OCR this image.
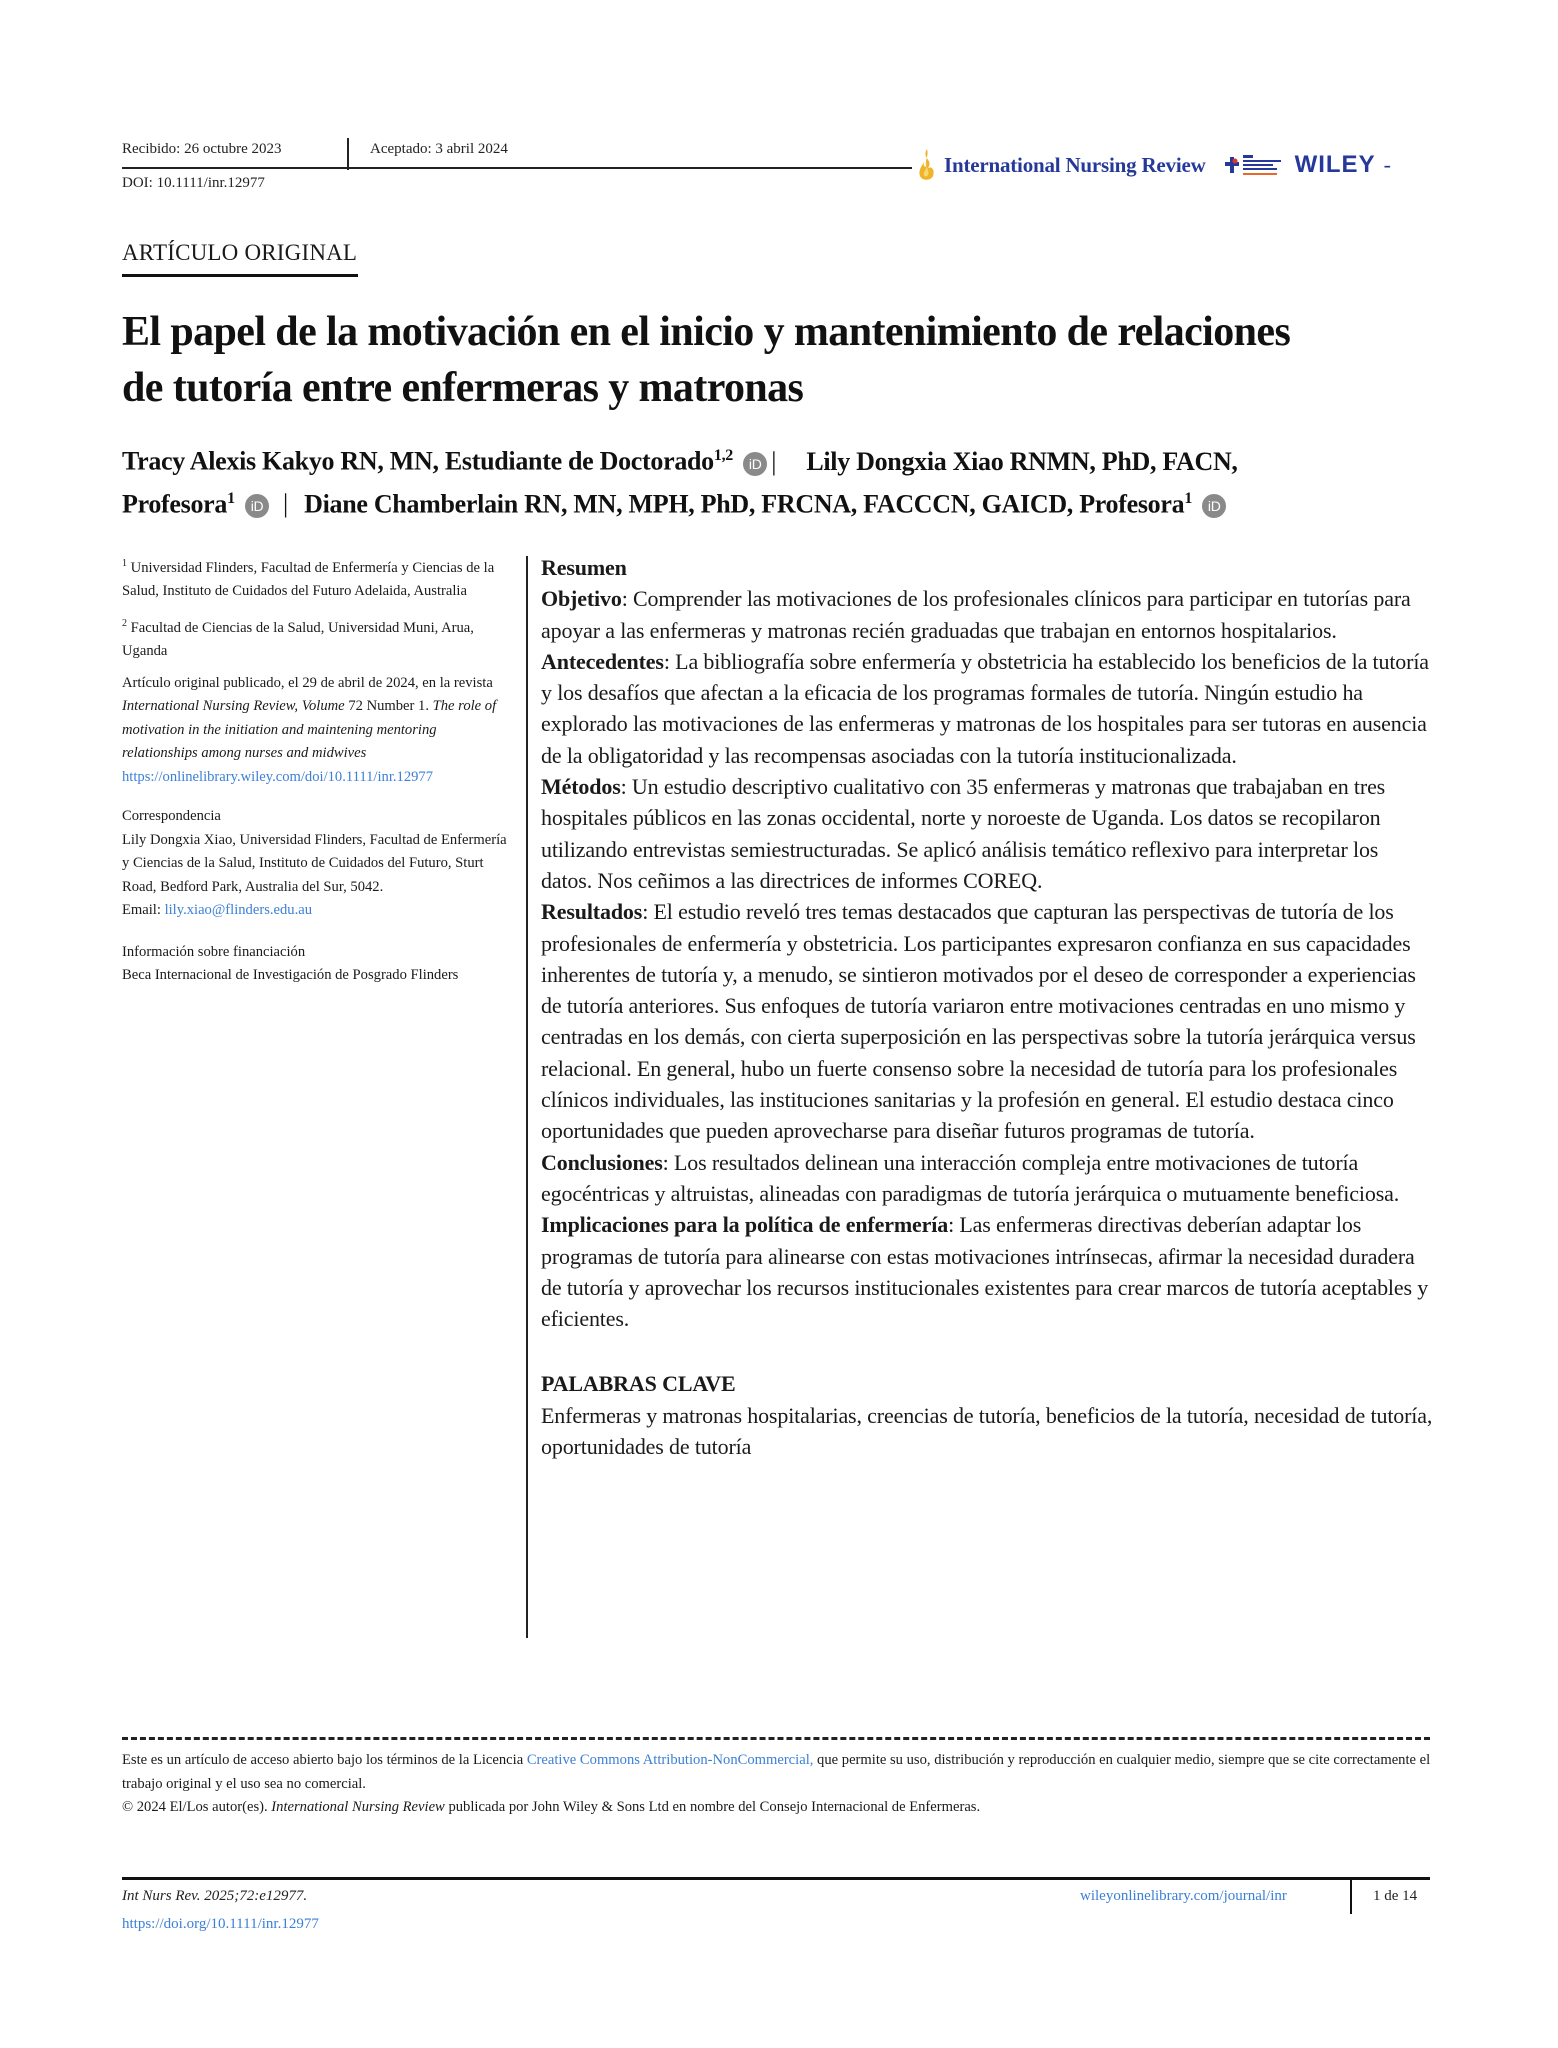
Recibido: 26 octubre 2023	Aceptado: 3 abril 2024
DOI: 10.1111/inr.12977
International Nursing Review	WILEY -
ARTÍCULO ORIGINAL
El papel de la motivación en el inicio y mantenimiento de relaciones
de tutoría entre enfermeras y matronas
Tracy Alexis Kakyo RN, MN, Estudiante de Doctorado$^{1,2}$ iD | Lily Dongxia Xiao RNMN, PhD, FACN,
Profesora$^1$ iD | Diane Chamberlain RN, MN, MPH, PhD, FRCNA, FACCCN, GAICD, Profesora$^1$ iD

$^1$ Universidad Flinders, Facultad de Enfermería y Ciencias de la Salud, Instituto de Cuidados del Futuro Adelaida, Australia

$^2$ Facultad de Ciencias de la Salud, Universidad Muni, Arua, Uganda

Artículo original publicado, el 29 de abril de 2024, en la revista International Nursing Review, Volume 72 Number 1. The role of motivation in the initiation and maintening mentoring relationships among nurses and midwives
https://onlinelibrary.wiley.com/doi/10.1111/inr.12977

Correspondencia
Lily Dongxia Xiao, Universidad Flinders, Facultad de Enfermería y Ciencias de la Salud, Instituto de Cuidados del Futuro, Sturt Road, Bedford Park, Australia del Sur, 5042.
Email: lily.xiao@flinders.edu.au

Información sobre financiación
Beca Internacional de Investigación de Posgrado Flinders

Resumen

Objetivo: Comprender las motivaciones de los profesionales clínicos para participar en tutorías para apoyar a las enfermeras y matronas recién graduadas que trabajan en entornos hospitalarios.

Antecedentes: La bibliografía sobre enfermería y obstetricia ha establecido los beneficios de la tutoría y los desafíos que afectan a la eficacia de los programas formales de tutoría. Ningún estudio ha explorado las motivaciones de las enfermeras y matronas de los hospitales para ser tutoras en ausencia de la obligatoridad y las recompensas asociadas con la tutoría institucionalizada.

Métodos: Un estudio descriptivo cualitativo con 35 enfermeras y matronas que trabajaban en tres hospitales públicos en las zonas occidental, norte y noroeste de Uganda. Los datos se recopilaron utilizando entrevistas semiestructuradas. Se aplicó análisis temático reflexivo para interpretar los datos. Nos ceñimos a las directrices de informes COREQ.

Resultados: El estudio reveló tres temas destacados que capturan las perspectivas de tutoría de los profesionales de enfermería y obstetricia. Los participantes expresaron confianza en sus capacidades inherentes de tutoría y, a menudo, se sintieron motivados por el deseo de corresponder a experiencias de tutoría anteriores. Sus enfoques de tutoría variaron entre motivaciones centradas en uno mismo y centradas en los demás, con cierta superposición en las perspectivas sobre la tutoría jerárquica versus relacional. En general, hubo un fuerte consenso sobre la necesidad de tutoría para los profesionales clínicos individuales, las instituciones sanitarias y la profesión en general. El estudio destaca cinco oportunidades que pueden aprovecharse para diseñar futuros programas de tutoría.

Conclusiones: Los resultados delinean una interacción compleja entre motivaciones de tutoría egocéntricas y altruistas, alineadas con paradigmas de tutoría jerárquica o mutuamente beneficiosa.

Implicaciones para la política de enfermería: Las enfermeras directivas deberían adaptar los programas de tutoría para alinearse con estas motivaciones intrínsecas, afirmar la necesidad duradera de tutoría y aprovechar los recursos institucionales existentes para crear marcos de tutoría aceptables y eficientes.

PALABRAS CLAVE

Enfermeras y matronas hospitalarias, creencias de tutoría, beneficios de la tutoría, necesidad de tutoría, oportunidades de tutoría

Este es un artículo de acceso abierto bajo los términos de la Licencia Creative Commons Attribution-NonCommercial, que permite su uso, distribución y reproducción en cualquier medio, siempre que se cite correctamente el trabajo original y el uso sea no comercial.

© 2024 El/Los autor(es). International Nursing Review publicada por John Wiley & Sons Ltd en nombre del Consejo Internacional de Enfermeras.

Int Nurs Rev. 2025;72:e12977.
https://doi.org/10.1111/inr.12977
wileyonlinelibrary.com/journal/inr	1 de 14
